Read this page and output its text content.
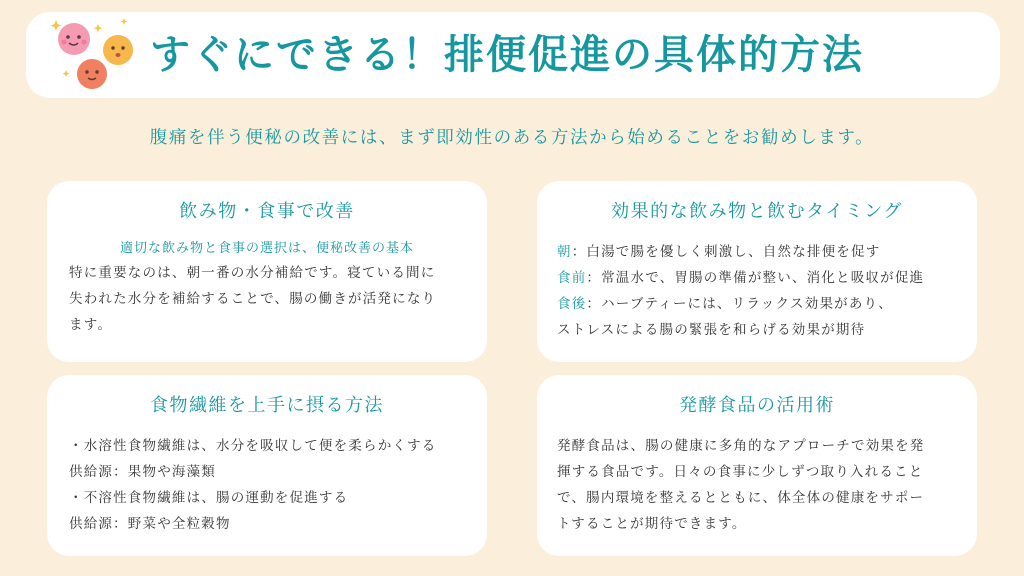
すぐにできる！排便促進の具体的方法
腹痛を伴う便秘の改善には、まず即効性のある方法から始めることをお勧めします。
飲み物・食事で改善
適切な飲み物と食事の選択は、便秘改善の基本
特に重要なのは、朝一番の水分補給です。寝ている間に
失われた水分を補給することで、腸の働きが活発になり
ます。
効果的な飲み物と飲むタイミング
朝：白湯で腸を優しく刺激し、自然な排便を促す
食前：常温水で、胃腸の準備が整い、消化と吸収が促進
食後：ハーブティーには、リラックス効果があり、
ストレスによる腸の緊張を和らげる効果が期待
食物繊維を上手に摂る方法
・水溶性食物繊維は、水分を吸収して便を柔らかくする
供給源：果物や海藻類
・不溶性食物繊維は、腸の運動を促進する
供給源：野菜や全粒穀物
発酵食品の活用術
発酵食品は、腸の健康に多角的なアプローチで効果を発
揮する食品です。日々の食事に少しずつ取り入れること
で、腸内環境を整えるとともに、体全体の健康をサポー
トすることが期待できます。
